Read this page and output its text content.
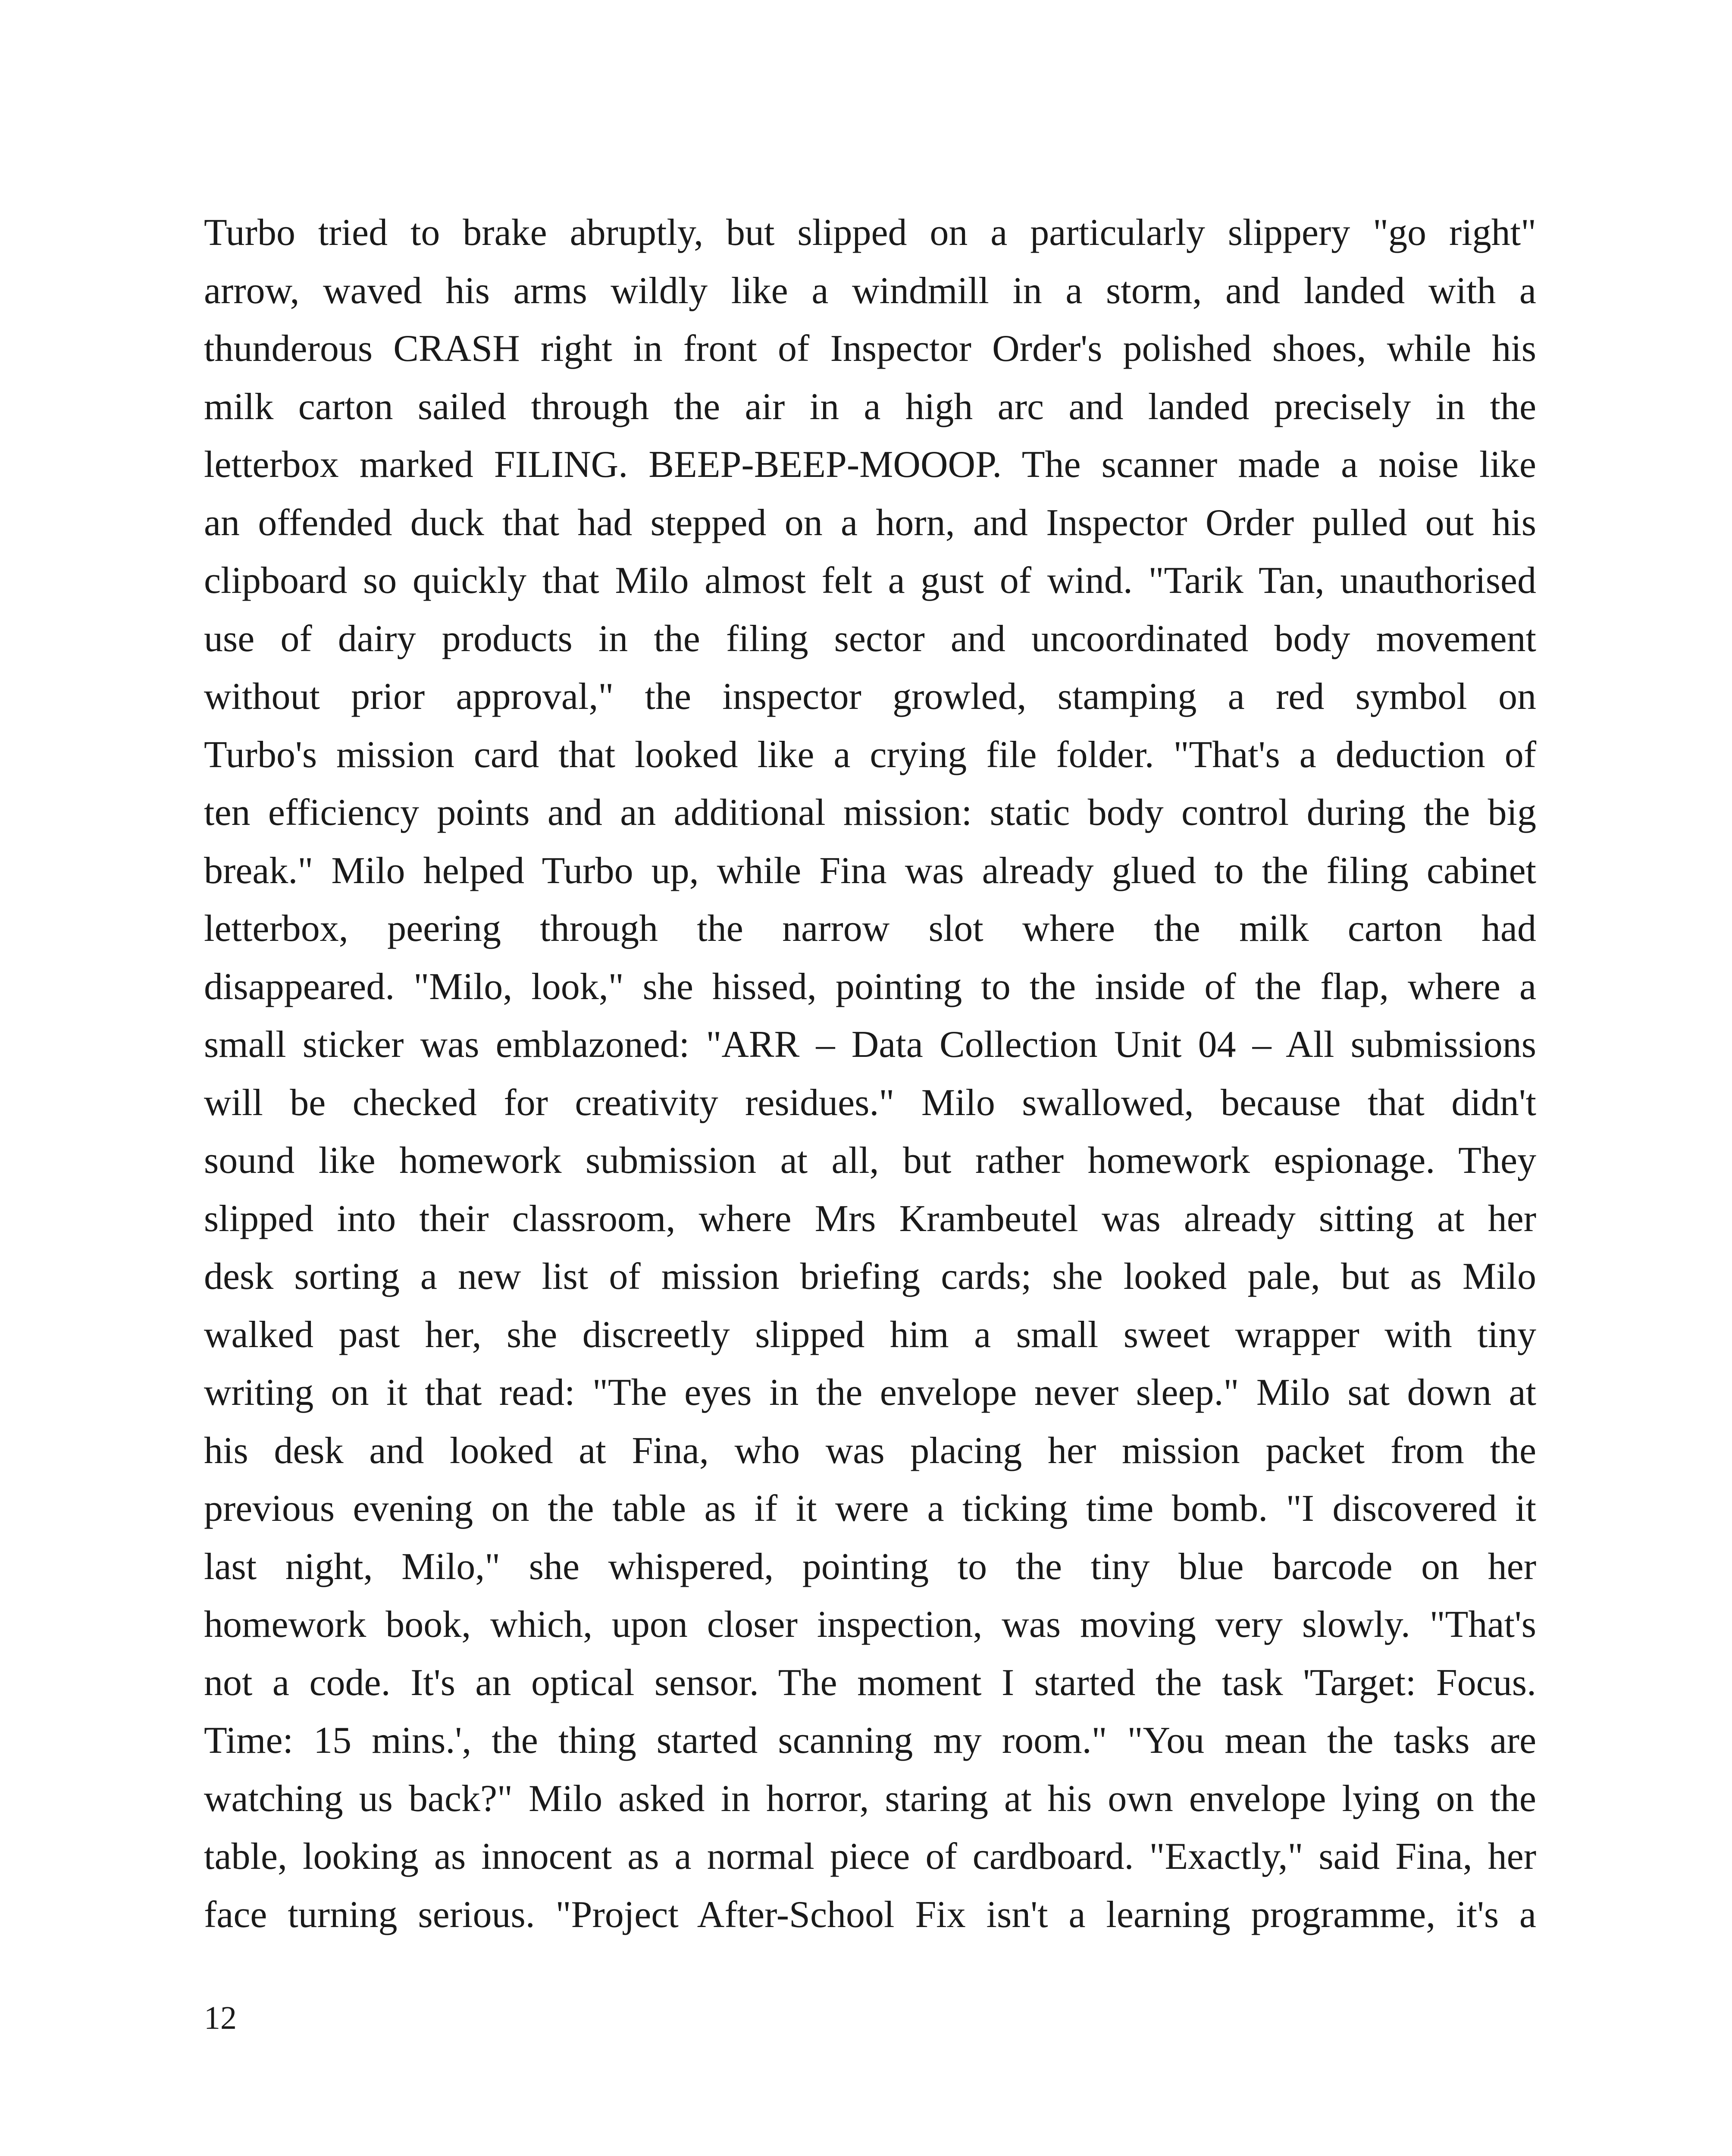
Turbo tried to brake abruptly, but slipped on a particularly slippery "go right"
arrow, waved his arms wildly like a windmill in a storm, and landed with a
thunderous CRASH right in front of Inspector Order's polished shoes, while his
milk carton sailed through the air in a high arc and landed precisely in the
letterbox marked FILING. BEEP-BEEP-MOOOP. The scanner made a noise like
an offended duck that had stepped on a horn, and Inspector Order pulled out his
clipboard so quickly that Milo almost felt a gust of wind. "Tarik Tan, unauthorised
use of dairy products in the filing sector and uncoordinated body movement
without prior approval," the inspector growled, stamping a red symbol on
Turbo's mission card that looked like a crying file folder. "That's a deduction of
ten efficiency points and an additional mission: static body control during the big
break." Milo helped Turbo up, while Fina was already glued to the filing cabinet
letterbox, peering through the narrow slot where the milk carton had
disappeared. "Milo, look," she hissed, pointing to the inside of the flap, where a
small sticker was emblazoned: "ARR – Data Collection Unit 04 – All submissions
will be checked for creativity residues." Milo swallowed, because that didn't
sound like homework submission at all, but rather homework espionage. They
slipped into their classroom, where Mrs Krambeutel was already sitting at her
desk sorting a new list of mission briefing cards; she looked pale, but as Milo
walked past her, she discreetly slipped him a small sweet wrapper with tiny
writing on it that read: "The eyes in the envelope never sleep." Milo sat down at
his desk and looked at Fina, who was placing her mission packet from the
previous evening on the table as if it were a ticking time bomb. "I discovered it
last night, Milo," she whispered, pointing to the tiny blue barcode on her
homework book, which, upon closer inspection, was moving very slowly. "That's
not a code. It's an optical sensor. The moment I started the task 'Target: Focus.
Time: 15 mins.', the thing started scanning my room." "You mean the tasks are
watching us back?" Milo asked in horror, staring at his own envelope lying on the
table, looking as innocent as a normal piece of cardboard. "Exactly," said Fina, her
face turning serious. "Project After-School Fix isn't a learning programme, it's a
12
